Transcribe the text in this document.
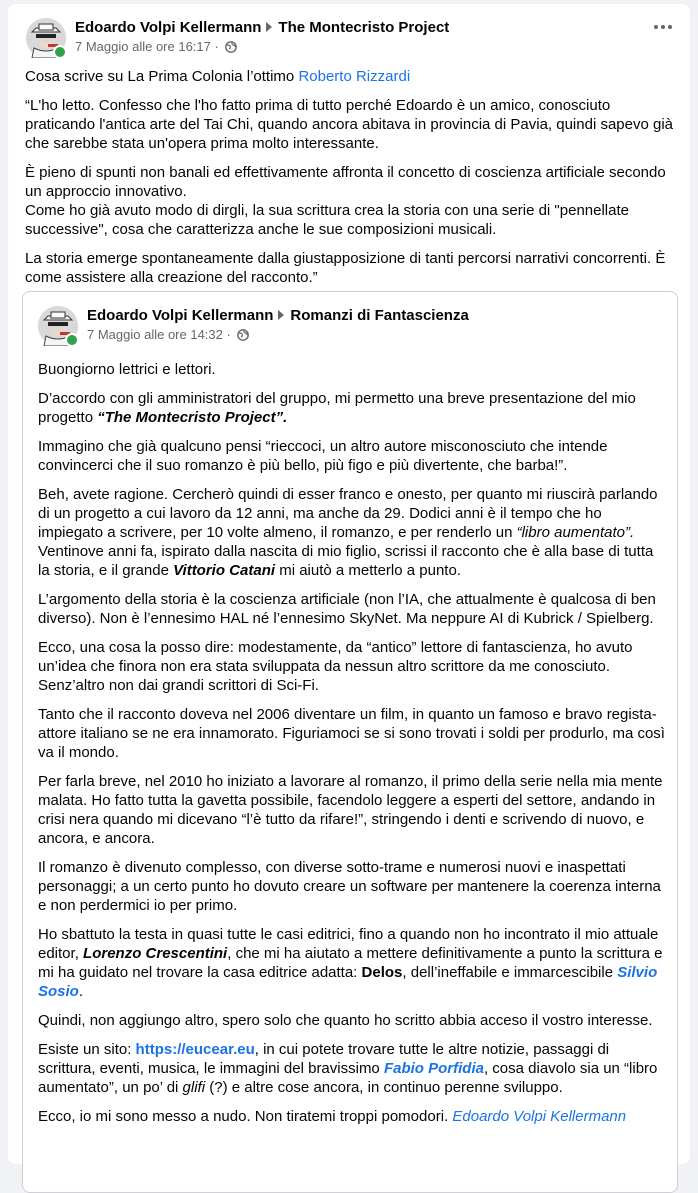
Edoardo Volpi Kellermann The Montecristo Project
7 Maggio alle ore 16:17 ·

Cosa scrive su La Prima Colonia l’ottimo Roberto Rizzardi

“L'ho letto. Confesso che l'ho fatto prima di tutto perché Edoardo è un amico, conosciuto praticando l'antica arte del Tai Chi, quando ancora abitava in provincia di Pavia, quindi sapevo già che sarebbe stata un'opera prima molto interessante.

È pieno di spunti non banali ed effettivamente affronta il concetto di coscienza artificiale secondo un approccio innovativo.
Come ho già avuto modo di dirgli, la sua scrittura crea la storia con una serie di "pennellate successive", cosa che caratterizza anche le sue composizioni musicali.

La storia emerge spontaneamente dalla giustapposizione di tanti percorsi narrativi concorrenti. È come assistere alla creazione del racconto.”

Edoardo Volpi Kellermann Romanzi di Fantascienza
7 Maggio alle ore 14:32 ·

Buongiorno lettrici e lettori.

D’accordo con gli amministratori del gruppo, mi permetto una breve presentazione del mio progetto “The Montecristo Project”.

Immagino che già qualcuno pensi “rieccoci, un altro autore misconosciuto che intende convincerci che il suo romanzo è più bello, più figo e più divertente, che barba!”.

Beh, avete ragione. Cercherò quindi di esser franco e onesto, per quanto mi riuscirà parlando di un progetto a cui lavoro da 12 anni, ma anche da 29. Dodici anni è il tempo che ho impiegato a scrivere, per 10 volte almeno, il romanzo, e per renderlo un “libro aumentato”. Ventinove anni fa, ispirato dalla nascita di mio figlio, scrissi il racconto che è alla base di tutta la storia, e il grande Vittorio Catani mi aiutò a metterlo a punto.

L’argomento della storia è la coscienza artificiale (non l’IA, che attualmente è qualcosa di ben diverso). Non è l’ennesimo HAL né l’ennesimo SkyNet. Ma neppure AI di Kubrick / Spielberg.

Ecco, una cosa la posso dire: modestamente, da “antico” lettore di fantascienza, ho avuto un’idea che finora non era stata sviluppata da nessun altro scrittore da me conosciuto. Senz’altro non dai grandi scrittori di Sci-Fi.

Tanto che il racconto doveva nel 2006 diventare un film, in quanto un famoso e bravo regista-attore italiano se ne era innamorato. Figuriamoci se si sono trovati i soldi per produrlo, ma così va il mondo.

Per farla breve, nel 2010 ho iniziato a lavorare al romanzo, il primo della serie nella mia mente malata. Ho fatto tutta la gavetta possibile, facendolo leggere a esperti del settore, andando in crisi nera quando mi dicevano “l’è tutto da rifare!”, stringendo i denti e scrivendo di nuovo, e ancora, e ancora.

Il romanzo è divenuto complesso, con diverse sotto-trame e numerosi nuovi e inaspettati personaggi; a un certo punto ho dovuto creare un software per mantenere la coerenza interna e non perdermici io per primo.

Ho sbattuto la testa in quasi tutte le casi editrici, fino a quando non ho incontrato il mio attuale editor, Lorenzo Crescentini, che mi ha aiutato a mettere definitivamente a punto la scrittura e mi ha guidato nel trovare la casa editrice adatta: Delos, dell’ineffabile e immarcescibile Silvio Sosio.

Quindi, non aggiungo altro, spero solo che quanto ho scritto abbia acceso il vostro interesse.

Esiste un sito: https://eucear.eu, in cui potete trovare tutte le altre notizie, passaggi di scrittura, eventi, musica, le immagini del bravissimo Fabio Porfidia, cosa diavolo sia un “libro aumentato”, un po’ di glifi (?) e altre cose ancora, in continuo perenne sviluppo.

Ecco, io mi sono messo a nudo. Non tiratemi troppi pomodori. Edoardo Volpi Kellermann
